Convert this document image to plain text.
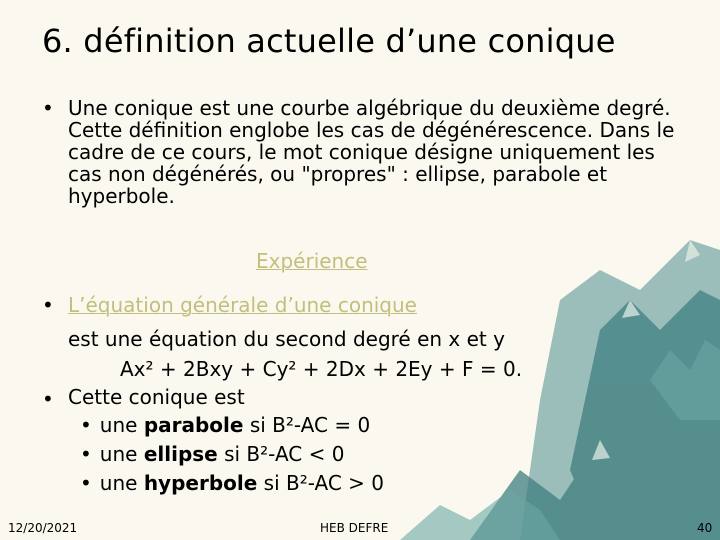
6. définition actuelle d’une conique
• Une conique est une courbe algébrique du deuxième degré. Cette définition englobe les cas de dégénérescence. Dans le cadre de ce cours, le mot conique désigne uniquement les cas non dégénérés, ou "propres" : ellipse, parabole et hyperbole.
Expérience
• L’équation générale d’une conique
est une équation du second degré en x et y
Ax² + 2Bxy + Cy² + 2Dx + 2Ey + F = 0.
• Cette conique est
• une parabole si B²-AC = 0
• une ellipse si B²-AC < 0
• une hyperbole si B²-AC > 0
12/20/2021	HEB DEFRE	40
